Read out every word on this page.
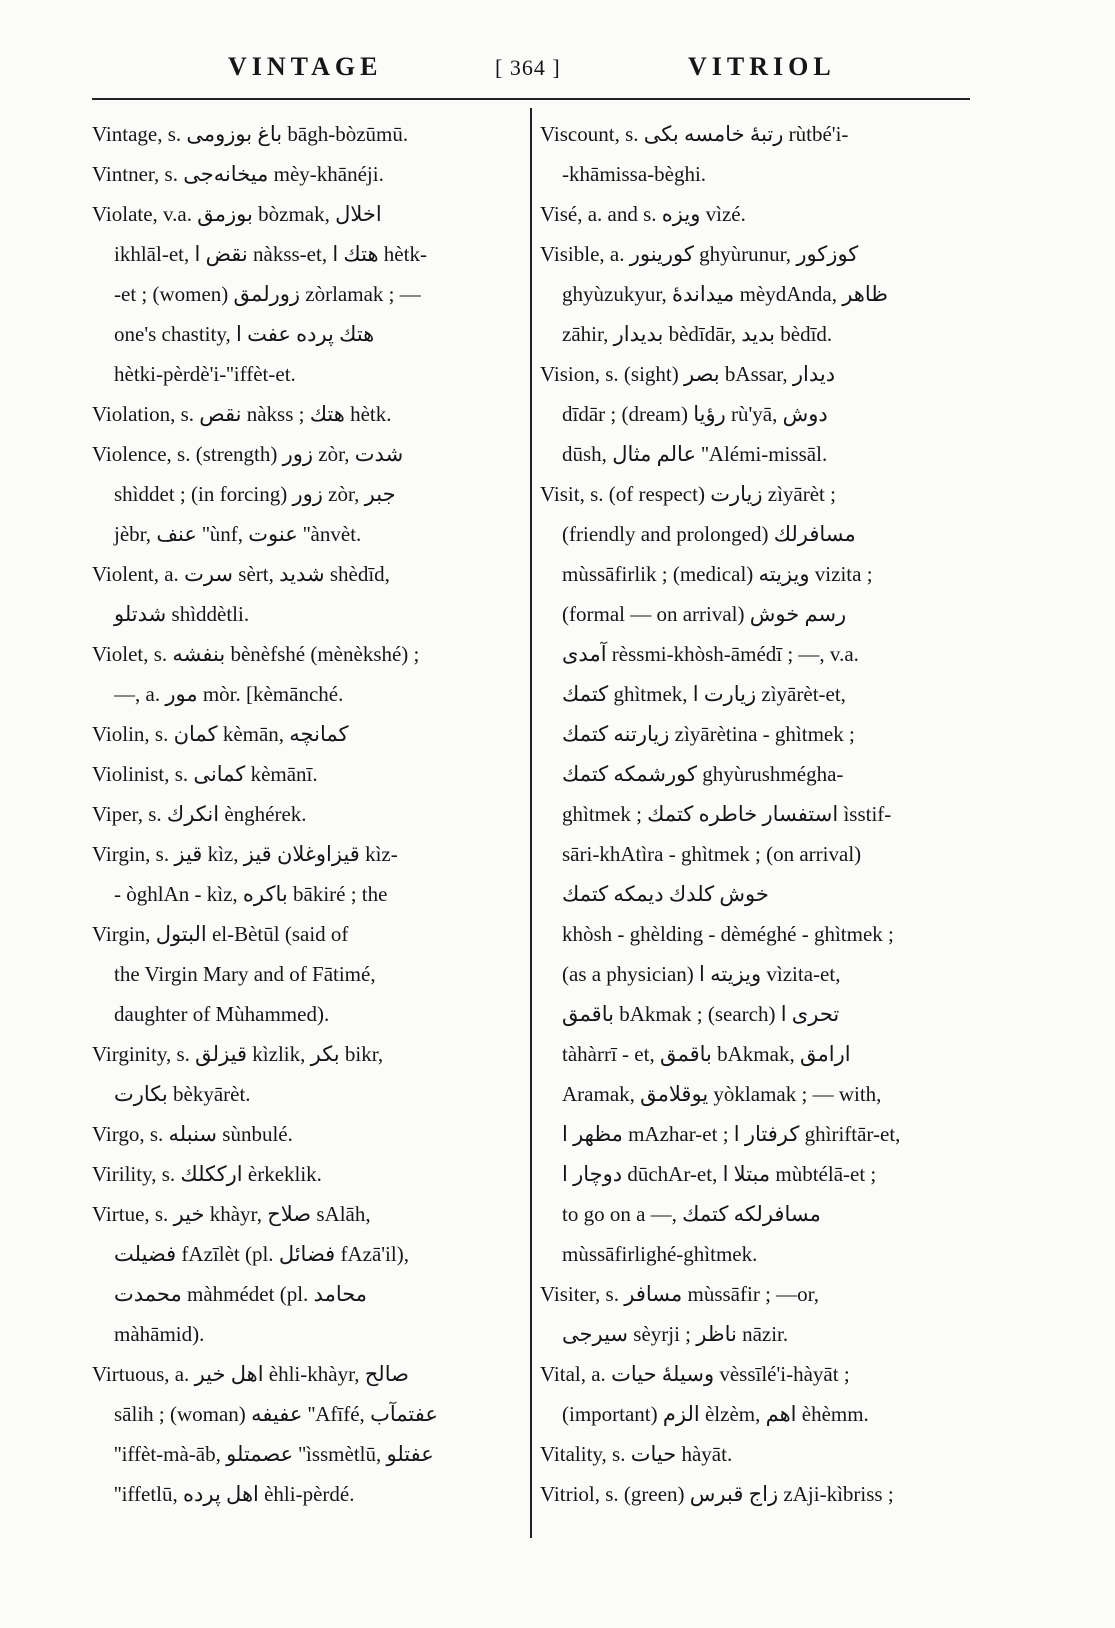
VINTAGE	[ 364 ]	VITRIOL
Vintage, s. باغ بوزومی bāgh-bòzūmū.
Vintner, s. میخانه‌جی mèy-khānéji.
Violate, v.a. بوزمق bòzmak, اخلال
ikhlāl-et, نقض ا nàkss-et, هتك ا hètk-
-et ; (women) زورلمق zòrlamak ; —
one's chastity, هتك پرده عفت ا
hètki-pèrdè'i-''iffèt-et.
Violation, s. نقص nàkss ; هتك hètk.
Violence, s. (strength) زور zòr, شدت
shìddet ; (in forcing) زور zòr, جبر
jèbr, عنف ''ùnf, عنوت ''ànvèt.
Violent, a. سرت sèrt, شدید shèdīd,
شدتلو shìddètli.
Violet, s. بنفشه bènèfshé (mènèkshé) ;
—, a. مور mòr. [kèmānché.
Violin, s. کمان kèmān, کمانچه
Violinist, s. کمانی kèmānī.
Viper, s. انکرك ènghérek.
Virgin, s. قیز kìz, قیزاوغلان قیز kìz-
- òghlAn - kìz, باکره bākiré ; the
Virgin, البتول el-Bètūl (said of
the Virgin Mary and of Fātimé,
daughter of Mùhammed).
Virginity, s. قیزلق kìzlik, بکر bikr,
بکارت bèkyārèt.
Virgo, s. سنبله sùnbulé.
Virility, s. ارککلك èrkeklik.
Virtue, s. خیر khàyr, صلاح sAlāh,
فضیلت fAzīlèt (pl. فضائل fAzā'il),
محمدت màhmédet (pl. محامد
màhāmid).
Virtuous, a. اهل خیر èhli-khàyr, صالح
sālih ; (woman) عفیفه ''Afīfé, عفتمآب
''iffèt-mà-āb, عصمتلو ''ìssmètlū, عفتلو
''iffetlū, اهل پرده èhli-pèrdé.
Viscount, s. رتبهٔ خامسه بکی rùtbé'i-
-khāmissa-bèghi.
Visé, a. and s. ویزه vìzé.
Visible, a. کورینور ghyùrunur, کوزکور
ghyùzukyur, میداندهٔ mèydAnda, ظاهر
zāhir, بدیدار bèdīdār, بدید bèdīd.
Vision, s. (sight) بصر bAssar, دیدار
dīdār ; (dream) رؤیا rù'yā, دوش
dūsh, عالم مثال ''Alémi-missāl.
Visit, s. (of respect) زیارت zìyārèt ;
(friendly and prolonged) مسافرلك
mùssāfirlik ; (medical) ویزیته vizita ;
(formal — on arrival) رسم خوش
آمدی rèssmi-khòsh-āmédī ; —, v.a.
کتمك ghìtmek, زیارت ا zìyārèt-et,
زیارتنه کتمك zìyārètina - ghìtmek ;
کورشمکه کتمك ghyùrushmégha-
ghìtmek ; استفسار خاطره کتمك ìsstif-
sāri-khAtìra - ghìtmek ; (on arrival)
خوش کلدك دیمکه کتمك
khòsh - ghèlding - dèméghé - ghìtmek ;
(as a physician) ویزیته ا vìzita-et,
باقمق bAkmak ; (search) تحری ا
tàhàrrī - et, باقمق bAkmak, ارامق
Aramak, یوقلامق yòklamak ; — with,
مظهر ا mAzhar-et ; کرفتار ا ghìriftār-et,
دوچار ا dūchAr-et, مبتلا ا mùbtélā-et ;
to go on a —, مسافرلکه کتمك
mùssāfirlighé-ghìtmek.
Visiter, s. مسافر mùssāfir ; —or,
سیرجی sèyrji ; ناظر nāzir.
Vital, a. وسیلهٔ حیات vèssīlé'i-hàyāt ;
(important) الزم èlzèm, اهم èhèmm.
Vitality, s. حیات hàyāt.
Vitriol, s. (green) زاج قبرس zAji-kìbriss ;
